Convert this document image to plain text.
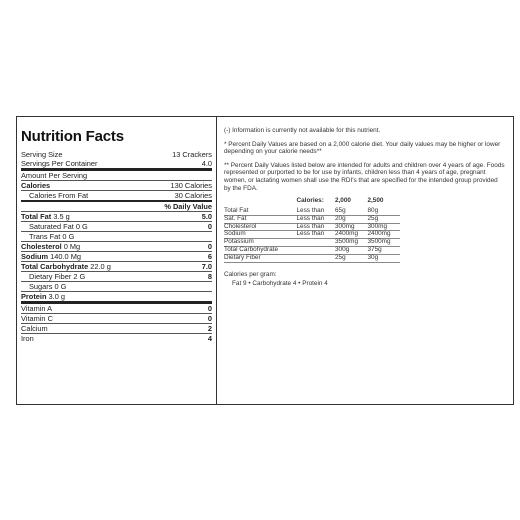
Nutrition Facts
Serving Size	13 Crackers
Servings Per Container	4.0
Amount Per Serving
Calories	130 Calories
Calories From Fat	30 Calories
% Daily Value
Total Fat 3.5 g	5.0
Saturated Fat 0 G	0
Trans Fat 0 G
Cholesterol 0 Mg	0
Sodium 140.0 Mg	6
Total Carbohydrate 22.0 g	7.0
Dietary Fiber 2 G	8
Sugars 0 G
Protein 3.0 g
Vitamin A	0
Vitamin C	0
Calcium	2
Iron	4

(-) Information is currently not available for this nutrient.

* Percent Daily Values are based on a 2,000 calorie diet. Your daily values may be higher or lower depending on your calorie needs**

** Percent Daily Values listed below are intended for adults and children over 4 years of age. Foods represented or purported to be for use by infants, children less than 4 years of age, pregnant women, or lactating women shall use the RDI's that are specified for the intended group provided by the FDA.

		Calories:	2,000	2,500
Total Fat		Less than	65g	80g
Sat. Fat		Less than	20g	25g
Cholesterol		Less than	300mg	300mg
Sodium		Less than	2400mg	2400mg
Potassium			3500mg	3500mg
Total Carbohydrate			300g	375g
Dietary Fiber			25g	30g
Calories per gram:
Fat 9 • Carbohydrate 4 • Protein 4
